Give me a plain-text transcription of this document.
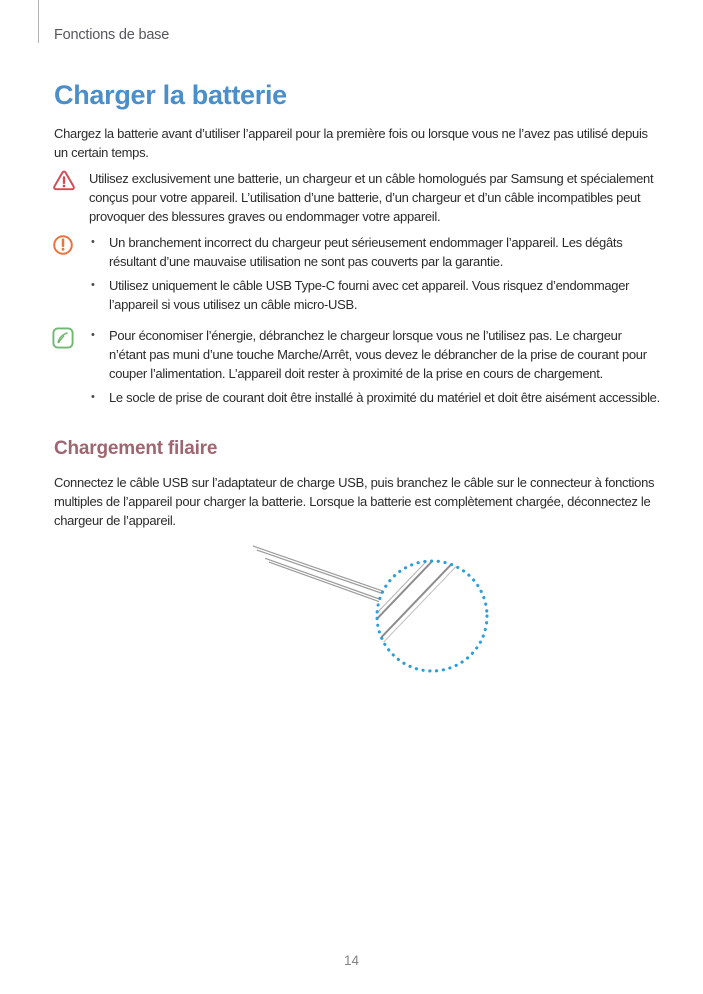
Fonctions de base
Charger la batterie

Chargez la batterie avant d’utiliser l’appareil pour la première fois ou lorsque vous ne l’avez pas utilisé depuis un certain temps.

Utilisez exclusivement une batterie, un chargeur et un câble homologués par Samsung et spécialement conçus pour votre appareil. L’utilisation d’une batterie, d’un chargeur et d’un câble incompatibles peut provoquer des blessures graves ou endommager votre appareil.

• Un branchement incorrect du chargeur peut sérieusement endommager l’appareil. Les dégâts résultant d’une mauvaise utilisation ne sont pas couverts par la garantie.
• Utilisez uniquement le câble USB Type-C fourni avec cet appareil. Vous risquez d’endommager l’appareil si vous utilisez un câble micro-USB.
• Pour économiser l’énergie, débranchez le chargeur lorsque vous ne l’utilisez pas. Le chargeur n’étant pas muni d’une touche Marche/Arrêt, vous devez le débrancher de la prise de courant pour couper l’alimentation. L’appareil doit rester à proximité de la prise en cours de chargement.
• Le socle de prise de courant doit être installé à proximité du matériel et doit être aisément accessible.
Chargement filaire

Connectez le câble USB sur l’adaptateur de charge USB, puis branchez le câble sur le connecteur à fonctions multiples de l’appareil pour charger la batterie. Lorsque la batterie est complètement chargée, déconnectez le chargeur de l’appareil.

14
